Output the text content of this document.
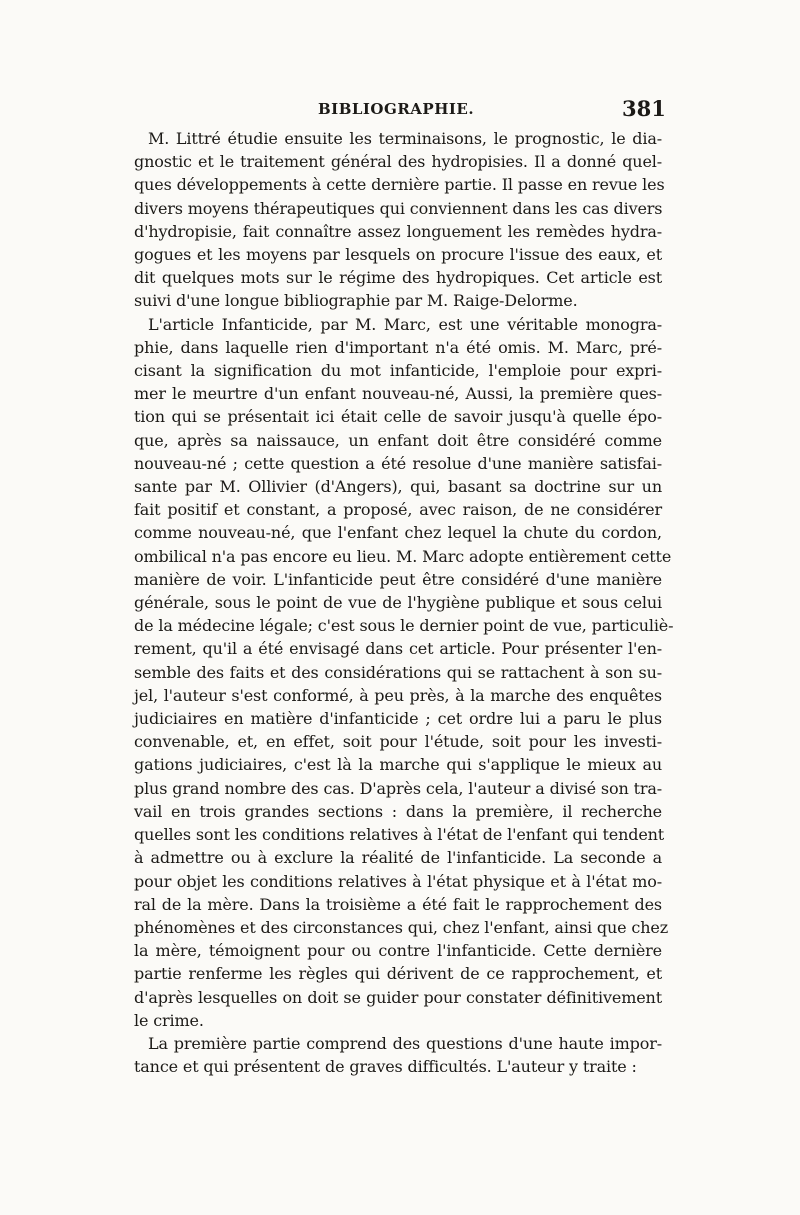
BIBLIOGRAPHIE.	381
M. Littré étudie ensuite les terminaisons, le prognostic, le dia-
gnostic et le traitement général des hydropisies. Il a donné quel-
ques développements à cette dernière partie. Il passe en revue les
divers moyens thérapeutiques qui conviennent dans les cas divers
d'hydropisie, fait connaître assez longuement les remèdes hydra-
gogues et les moyens par lesquels on procure l'issue des eaux, et
dit quelques mots sur le régime des hydropiques. Cet article est
suivi d'une longue bibliographie par M. Raige-Delorme.
L'article Infanticide, par M. Marc, est une véritable monogra-
phie, dans laquelle rien d'important n'a été omis. M. Marc, pré-
cisant la signification du mot infanticide, l'emploie pour expri-
mer le meurtre d'un enfant nouveau-né, Aussi, la première ques-
tion qui se présentait ici était celle de savoir jusqu'à quelle épo-
que, après sa naissauce, un enfant doit être considéré comme
nouveau-né ; cette question a été resolue d'une manière satisfai-
sante par M. Ollivier (d'Angers), qui, basant sa doctrine sur un
fait positif et constant, a proposé, avec raison, de ne considérer
comme nouveau-né, que l'enfant chez lequel la chute du cordon,
ombilical n'a pas encore eu lieu. M. Marc adopte entièrement cette
manière de voir. L'infanticide peut être considéré d'une manière
générale, sous le point de vue de l'hygiène publique et sous celui
de la médecine légale; c'est sous le dernier point de vue, particuliè-
rement, qu'il a été envisagé dans cet article. Pour présenter l'en-
semble des faits et des considérations qui se rattachent à son su-
jel, l'auteur s'est conformé, à peu près, à la marche des enquêtes
judiciaires en matière d'infanticide ; cet ordre lui a paru le plus
convenable, et, en effet, soit pour l'étude, soit pour les investi-
gations judiciaires, c'est là la marche qui s'applique le mieux au
plus grand nombre des cas. D'après cela, l'auteur a divisé son tra-
vail en trois grandes sections : dans la première, il recherche
quelles sont les conditions relatives à l'état de l'enfant qui tendent
à admettre ou à exclure la réalité de l'infanticide. La seconde a
pour objet les conditions relatives à l'état physique et à l'état mo-
ral de la mère. Dans la troisième a été fait le rapprochement des
phénomènes et des circonstances qui, chez l'enfant, ainsi que chez
la mère, témoignent pour ou contre l'infanticide. Cette dernière
partie renferme les règles qui dérivent de ce rapprochement, et
d'après lesquelles on doit se guider pour constater définitivement
le crime.
La première partie comprend des questions d'une haute impor-
tance et qui présentent de graves difficultés. L'auteur y traite :
